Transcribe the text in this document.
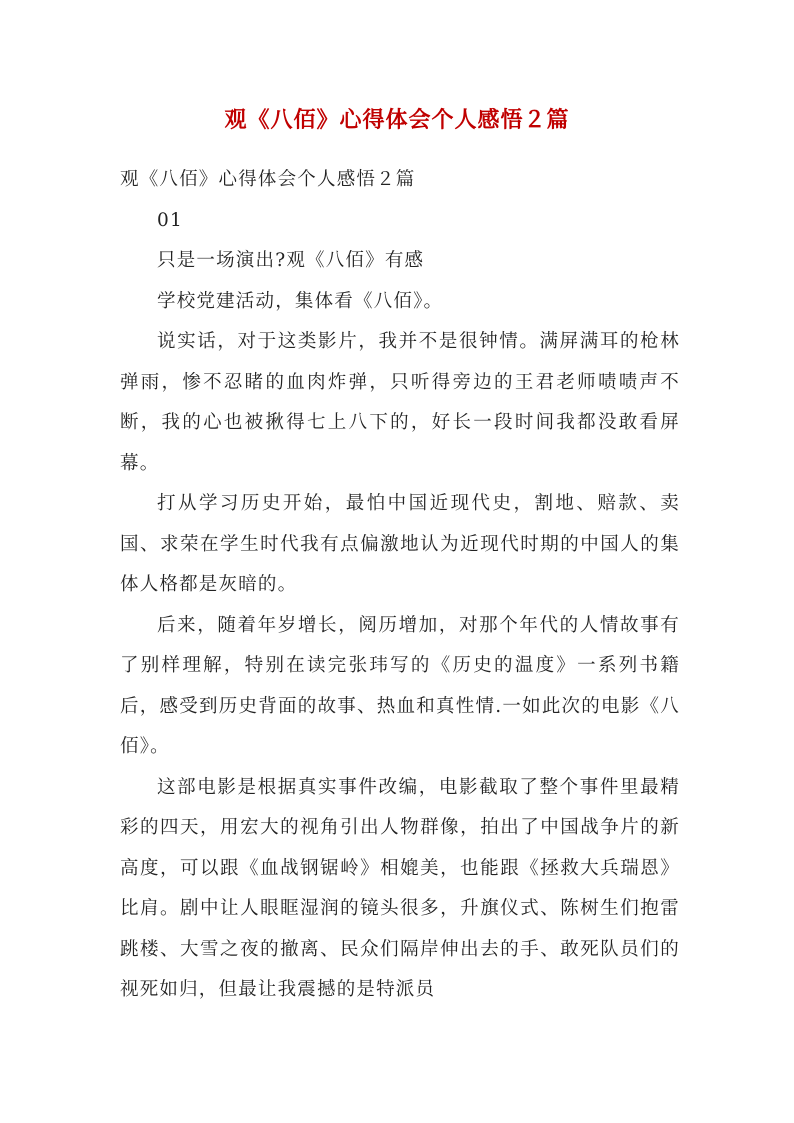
观《八佰》心得体会个人感悟２篇

观《八佰》心得体会个人感悟２篇

01

只是一场演出?观《八佰》有感

学校党建活动，集体看《八佰》。

说实话，对于这类影片，我并不是很钟情。满屏满耳的枪林弹雨，惨不忍睹的血肉炸弹，只听得旁边的王君老师啧啧声不断，我的心也被揪得七上八下的，好长一段时间我都没敢看屏幕。

打从学习历史开始，最怕中国近现代史，割地、赔款、卖国、求荣在学生时代我有点偏激地认为近现代时期的中国人的集体人格都是灰暗的。

后来，随着年岁增长，阅历增加，对那个年代的人情故事有了别样理解，特别在读完张玮写的《历史的温度》一系列书籍后，感受到历史背面的故事、热血和真性情.一如此次的电影《八佰》。

这部电影是根据真实事件改编，电影截取了整个事件里最精彩的四天，用宏大的视角引出人物群像，拍出了中国战争片的新高度，可以跟《血战钢锯岭》相媲美，也能跟《拯救大兵瑞恩》比肩。剧中让人眼眶湿润的镜头很多，升旗仪式、陈树生们抱雷跳楼、大雪之夜的撤离、民众们隔岸伸出去的手、敢死队员们的视死如归，但最让我震撼的是特派员
